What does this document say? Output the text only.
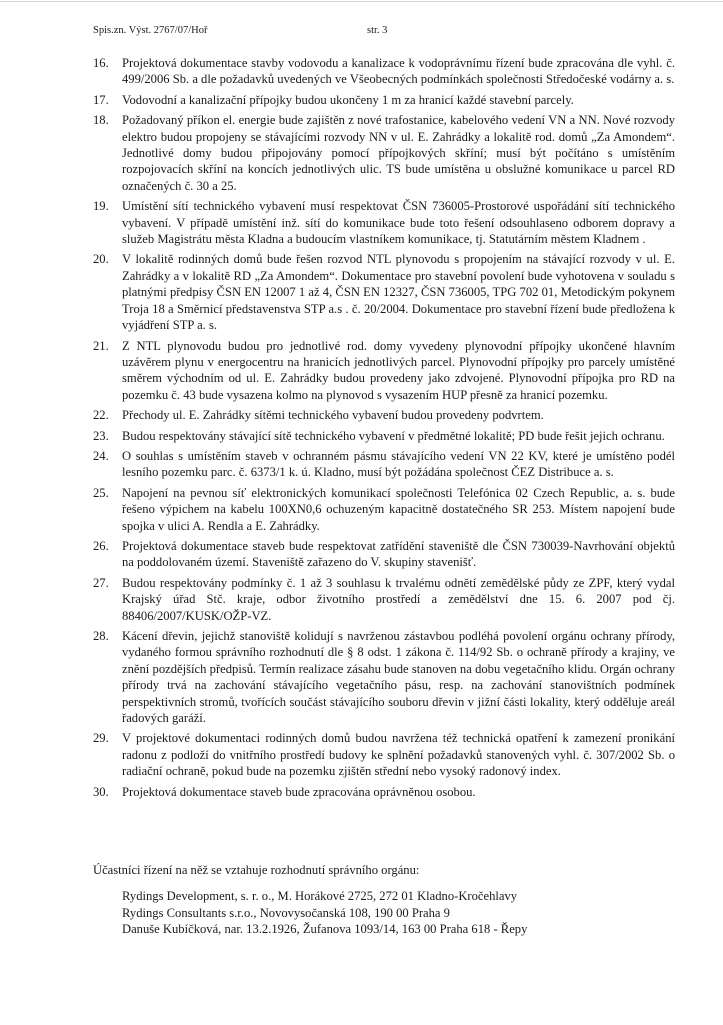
Spis.zn. Výst. 2767/07/Hoř	str. 3
16. Projektová dokumentace stavby vodovodu a kanalizace k vodoprávnímu řízení bude zpracována dle vyhl. č. 499/2006 Sb. a dle požadavků uvedených ve Všeobecných podmínkách společnosti Středočeské vodárny a. s.
17. Vodovodní a kanalizační přípojky budou ukončeny 1 m za hranicí každé stavební parcely.
18. Požadovaný příkon el. energie bude zajištěn z nové trafostanice, kabelového vedení VN a NN. Nové rozvody elektro budou propojeny se stávajícími rozvody NN v ul. E. Zahrádky a lokalitě rod. domů „Za Amondem“. Jednotlivé domy budou připojovány pomocí přípojkových skříní; musí být počítáno s umístěním rozpojovacích skříní na koncích jednotlivých ulic. TS bude umístěna u obslužné komunikace u parcel RD označených č. 30 a 25.
19. Umístění sítí technického vybavení musí respektovat ČSN 736005-Prostorové uspořádání sítí technického vybavení. V případě umístění inž. sítí do komunikace bude toto řešení odsouhlaseno odborem dopravy a služeb Magistrátu města Kladna a budoucím vlastníkem komunikace, tj. Statutárním městem Kladnem .
20. V lokalitě rodinných domů bude řešen rozvod NTL plynovodu s propojením na stávající rozvody v ul. E. Zahrádky a v lokalitě RD „Za Amondem“. Dokumentace pro stavební povolení bude vyhotovena v souladu s platnými předpisy ČSN EN 12007 1 až 4, ČSN EN 12327, ČSN 736005, TPG 702 01, Metodickým pokynem Troja 18 a Směrnicí představenstva STP a.s . č. 20/2004. Dokumentace pro stavební řízení bude předložena k vyjádření STP a. s.
21. Z NTL plynovodu budou pro jednotlivé rod. domy vyvedeny plynovodní přípojky ukončené hlavním uzávěrem plynu v energocentru na hranicích jednotlivých parcel. Plynovodní přípojky pro parcely umístěné směrem východním od ul. E. Zahrádky budou provedeny jako zdvojené. Plynovodní přípojka pro RD na pozemku č. 43 bude vysazena kolmo na plynovod s vysazením HUP přesně za hranicí pozemku.
22. Přechody ul. E. Zahrádky sítěmi technického vybavení budou provedeny podvrtem.
23. Budou respektovány stávající sítě technického vybavení v předmětné lokalitě; PD bude řešit jejich ochranu.
24. O souhlas s umístěním staveb v ochranném pásmu stávajícího vedení VN 22 KV, které je umístěno podél lesního pozemku parc. č. 6373/1 k. ú. Kladno, musí být požádána společnost ČEZ Distribuce a. s.
25. Napojení na pevnou síť elektronických komunikací společnosti Telefónica 02 Czech Republic, a. s. bude řešeno výpichem na kabelu 100XN0,6 ochuzeným kapacitně dostatečného SR 253. Místem napojení bude spojka v ulici A. Rendla a E. Zahrádky.
26. Projektová dokumentace staveb bude respektovat zatřídění staveniště dle ČSN 730039-Navrhování objektů na poddolovaném území. Staveniště zařazeno do V. skupiny stavenišť.
27. Budou respektovány podmínky č. 1 až 3 souhlasu k trvalému odnětí zemědělské půdy ze ZPF, který vydal Krajský úřad Stč. kraje, odbor životního prostředí a zemědělství dne 15. 6. 2007 pod čj. 88406/2007/KUSK/OŽP-VZ.
28. Kácení dřevin, jejichž stanoviště kolidují s navrženou zástavbou podléhá povolení orgánu ochrany přírody, vydaného formou správního rozhodnutí dle § 8 odst. 1 zákona č. 114/92 Sb. o ochraně přírody a krajiny, ve znění pozdějších předpisů. Termín realizace zásahu bude stanoven na dobu vegetačního klidu. Orgán ochrany přírody trvá na zachování stávajícího vegetačního pásu, resp. na zachování stanovištních podmínek perspektivních stromů, tvořících součást stávajícího souboru dřevin v jižní části lokality, který odděluje areál řadových garáží.
29. V projektové dokumentaci rodinných domů budou navržena též technická opatření k zamezení pronikání radonu z podloží do vnitřního prostředí budovy ke splnění požadavků stanovených vyhl. č. 307/2002 Sb. o radiační ochraně, pokud bude na pozemku zjištěn střední nebo vysoký radonový index.
30. Projektová dokumentace staveb bude zpracována oprávněnou osobou.
Účastníci řízení na něž se vztahuje rozhodnutí správního orgánu:
Rydings Development, s. r. o., M. Horákové 2725, 272 01 Kladno-Kročehlavy
Rydings Consultants s.r.o., Novovysočanská 108, 190 00 Praha 9
Danuše Kubíčková, nar. 13.2.1926, Žufanova 1093/14, 163 00 Praha 618 - Řepy
